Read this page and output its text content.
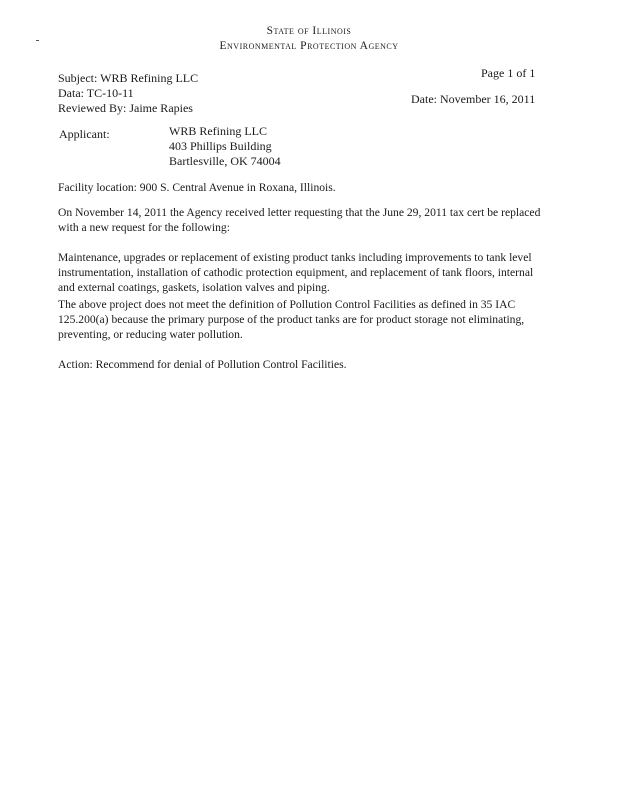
State of Illinois
Environmental Protection Agency
Page 1 of 1
Subject: WRB Refining LLC
Data: TC-10-11
Reviewed By: Jaime Rapies
Date: November 16, 2011
Applicant:	WRB Refining LLC
403 Phillips Building
Bartlesville, OK 74004
Facility location: 900 S. Central Avenue in Roxana, Illinois.
On November 14, 2011 the Agency received letter requesting that the June 29, 2011 tax cert be replaced with a new request for the following:
Maintenance, upgrades or replacement of existing product tanks including improvements to tank level instrumentation, installation of cathodic protection equipment, and replacement of tank floors, internal and external coatings, gaskets, isolation valves and piping.
The above project does not meet the definition of Pollution Control Facilities as defined in 35 IAC 125.200(a) because the primary purpose of the product tanks are for product storage not eliminating, preventing, or reducing water pollution.
Action: Recommend for denial of Pollution Control Facilities.
